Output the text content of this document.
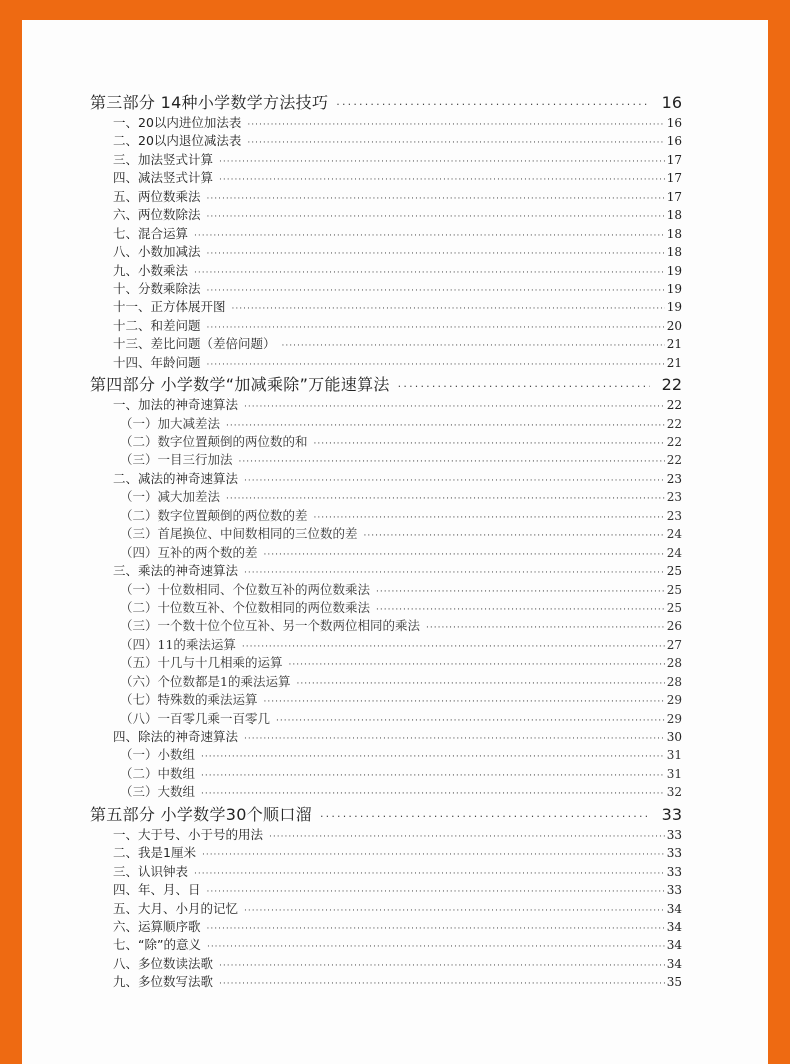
第三部分 14种小学数学方法技巧 ·····	16
一、20以内进位加法表 ·····	16
二、20以内退位减法表 ·····	16
三、加法竖式计算 ·····	17
四、减法竖式计算 ·····	17
五、两位数乘法 ·····	17
六、两位数除法 ·····	18
七、混合运算 ·····	18
八、小数加减法 ·····	18
九、小数乘法 ·····	19
十、分数乘除法 ·····	19
十一、正方体展开图 ·····	19
十二、和差问题 ·····	20
十三、差比问题（差倍问题） ·····	21
十四、年龄问题 ·····	21
第四部分 小学数学“加减乘除”万能速算法 ·····	22
一、加法的神奇速算法 ·····	22
（一）加大减差法 ·····	22
（二）数字位置颠倒的两位数的和 ·····	22
（三）一目三行加法 ·····	22
二、减法的神奇速算法 ·····	23
（一）减大加差法 ·····	23
（二）数字位置颠倒的两位数的差 ·····	23
（三）首尾换位、中间数相同的三位数的差 ·····	24
（四）互补的两个数的差 ·····	24
三、乘法的神奇速算法 ·····	25
（一）十位数相同、个位数互补的两位数乘法 ·····	25
（二）十位数互补、个位数相同的两位数乘法 ·····	25
（三）一个数十位个位互补、另一个数两位相同的乘法 ·····	26
（四）11的乘法运算 ·····	27
（五）十几与十几相乘的运算 ·····	28
（六）个位数都是1的乘法运算 ·····	28
（七）特殊数的乘法运算 ·····	29
（八）一百零几乘一百零几 ·····	29
四、除法的神奇速算法 ·····	30
（一）小数组 ·····	31
（二）中数组 ·····	31
（三）大数组 ·····	32
第五部分 小学数学30个顺口溜 ·····	33
一、大于号、小于号的用法 ·····	33
二、我是1厘米 ·····	33
三、认识钟表 ·····	33
四、年、月、日 ·····	33
五、大月、小月的记忆 ·····	34
六、运算顺序歌 ·····	34
七、“除”的意义 ·····	34
八、多位数读法歌 ·····	34
九、多位数写法歌 ·····	35
